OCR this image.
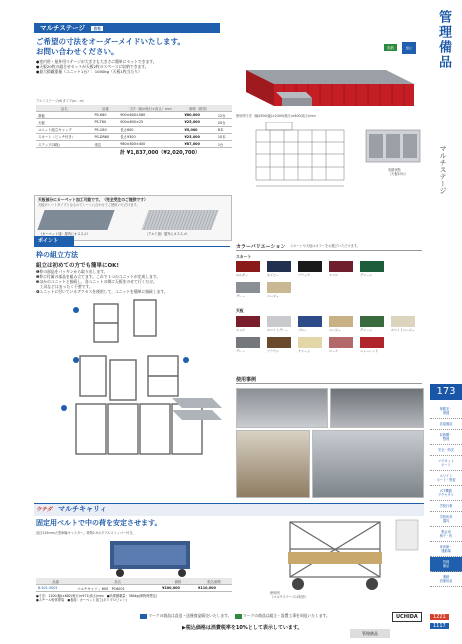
管理備品
マルチステージ
173
保健室・
保健
応接備品
収納棚・
整理
安全・防災
マグネット
ボード
ホワイト
ボード・黒板
ICT機器
アクセサリ
学校行事
学校体育
器具
集会用
椅子・机
体育館・
運動場
管理
備品
運動
設備用品
マルチステージ 自社
ご希望の寸法をオーダーメイドいたします。
お問い合わせください。
●室内用・屋外用ステージが大きさも大きさに簡単にセットできます。
●天板20枚の組合せセットが天板2枚のスペースに収納できます。
●最大積載重量（ユニット1台）：1000kg（天板1枚当たり）
収納	組立
アルミステージ(6(タイプ)ｍ・m）
品名	品番	寸法（幅×奥行×高さ）mm	価格（税別）	
基板	PS-K60	900×600×580	¥80,000	12台
天板	PS-T60	900×600×25	¥25,000	20台
ユニット組立キャップ	PS-C60	長さ600	¥5,000	8本
スカート（ピッチ付き）	PS-DR60	長さ9300	¥25,000	10本
ステップ(3段)	受注	980×800×400	¥87,000	1台
計 ¥1,837,000（¥2,020,700）
使用例寸法（幅4500(幅)×2400(奥行)×600(高さ)mm
収納状態
（天板20台）
天板部分にカーペット加工可能です。（完全受注のご提供です）
天板がシートタイプとなるのでシーンに合わせてご使用いただけます。
（カーペット加）屋内にオススメ!	（アルミ加）屋外にオススメ!
ポイント
枠の組立方法
組立は初めての方でも簡単にOK!
❶枠の部品をパッキンから取り出します。
❷枠に付属の部品を組み立てます。これで１つのユニットが完成します。
❸ほかのユニットと接続し、各ユニットの間に天板をのせて行くだけ。
　工具などはまったく不要です。
❹ユニットに付いているアクセスを使用して、ユニットを簡単に接続します。
カラーバリエーション スカートや天板はカラーをお選びいただけます。
スカート
ホルダー	ネイビー	ブラック	エンジ	グリーン
グレー	ベージュ
天板
エンジ	ホワイトグレー	ブルー	ベージュ	グリーン	ホワイトベージュ
グレー	ブラウン	クリーム	ローズ	ニューレッド
使用事例
ウチダ マルチキャリィ
固定用ベルトで中の荷を安定させます。
直径125mm大型車輪キャスター。荷物2.0ホダブルストッパー付き。
使用例
（マルチステージは別売）
品番	品名	価格	税込価格
8-501-5001	マルチキャリィ 600　PC6001	¥100,000	¥110,000
●寸法：1100(幅)×682(奥行)×971(高さ)mm　●所要積載量：380kg(荷物時想定)
●スチール粉体塗装　●表面：カーペット加工(ポリプロピレン)
マークの商品は直送・送後商品販売いたします。	マークの商品は組立・設置工事を同送いたします。
▶税込価格は消費税率を10%として表示しています。
UCHIDA
管理備品
1221
1117
